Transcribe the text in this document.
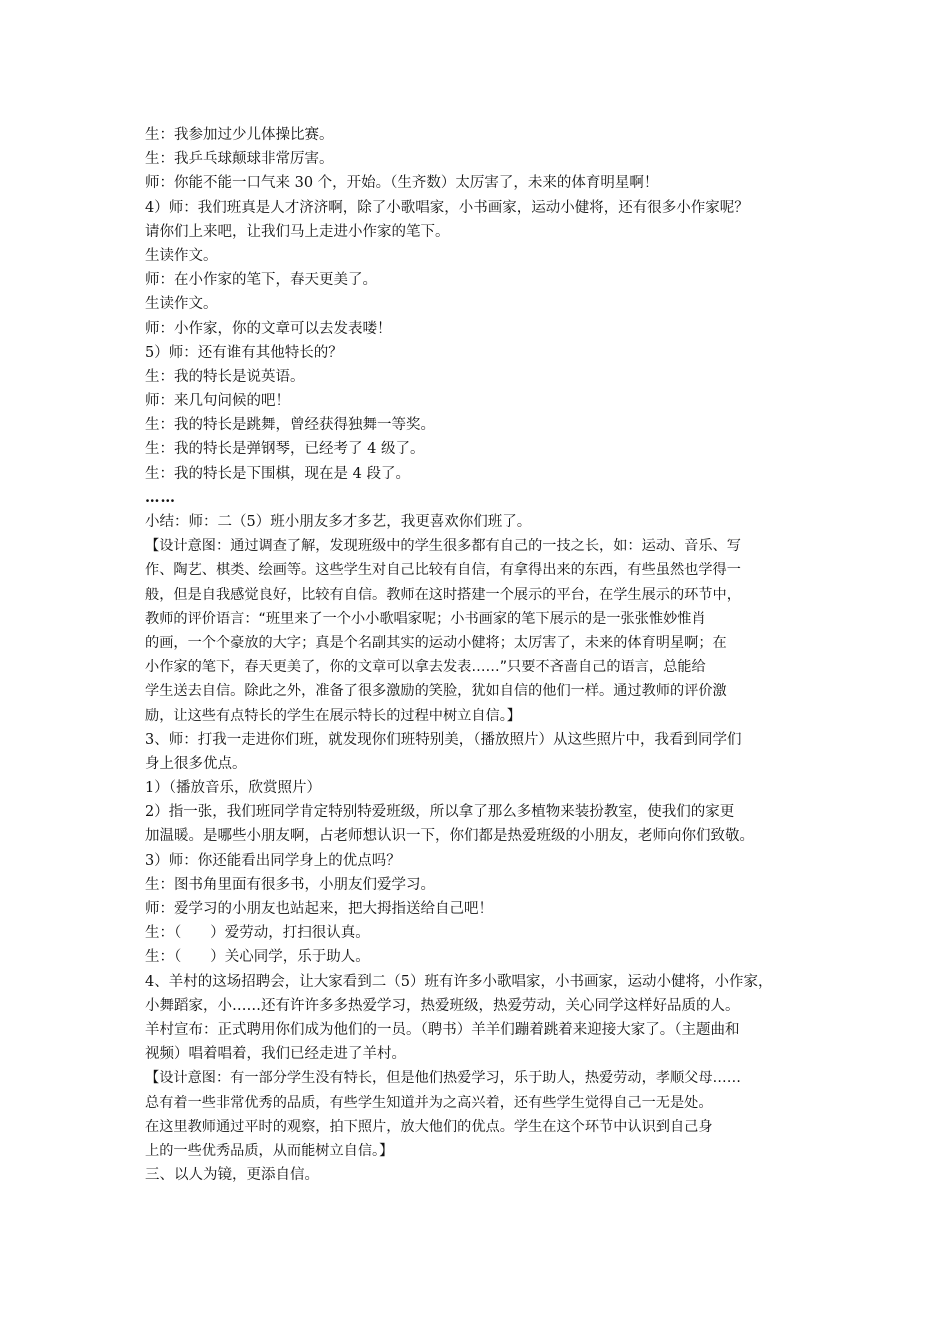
生：我参加过少儿体操比赛。
生：我乒乓球颠球非常厉害。
师：你能不能一口气来 30 个，开始。（生齐数）太厉害了，未来的体育明星啊！
4）师：我们班真是人才济济啊，除了小歌唱家，小书画家，运动小健将，还有很多小作家呢？
请你们上来吧，让我们马上走进小作家的笔下。
生读作文。
师：在小作家的笔下，春天更美了。
生读作文。
师：小作家，你的文章可以去发表喽！
5）师：还有谁有其他特长的？
生：我的特长是说英语。
师：来几句问候的吧！
生：我的特长是跳舞，曾经获得独舞一等奖。
生：我的特长是弹钢琴，已经考了 4 级了。
生：我的特长是下围棋，现在是 4 段了。
……
小结：师：二（5）班小朋友多才多艺，我更喜欢你们班了。
【设计意图：通过调查了解，发现班级中的学生很多都有自己的一技之长，如：运动、音乐、写
作、陶艺、棋类、绘画等。这些学生对自己比较有自信，有拿得出来的东西，有些虽然也学得一
般，但是自我感觉良好，比较有自信。教师在这时搭建一个展示的平台，在学生展示的环节中，
教师的评价语言：“班里来了一个小小歌唱家呢；小书画家的笔下展示的是一张张惟妙惟肖
的画，一个个豪放的大字；真是个名副其实的运动小健将；太厉害了，未来的体育明星啊；在
小作家的笔下，春天更美了，你的文章可以拿去发表……”只要不吝啬自己的语言，总能给
学生送去自信。除此之外，准备了很多激励的笑脸，犹如自信的他们一样。通过教师的评价激
励，让这些有点特长的学生在展示特长的过程中树立自信。】
3、师：打我一走进你们班，就发现你们班特别美，（播放照片）从这些照片中，我看到同学们
身上很多优点。
1）（播放音乐，欣赏照片）
2）指一张，我们班同学肯定特别特爱班级，所以拿了那么多植物来装扮教室，使我们的家更
加温暖。是哪些小朋友啊，占老师想认识一下，你们都是热爱班级的小朋友，老师向你们致敬。
3）师：你还能看出同学身上的优点吗？
生：图书角里面有很多书，小朋友们爱学习。
师：爱学习的小朋友也站起来，把大拇指送给自己吧！
生：（　　）爱劳动，打扫很认真。
生：（　　）关心同学，乐于助人。
4、羊村的这场招聘会，让大家看到二（5）班有许多小歌唱家，小书画家，运动小健将，小作家，
小舞蹈家，小……还有许许多多热爱学习，热爱班级，热爱劳动，关心同学这样好品质的人。
羊村宣布：正式聘用你们成为他们的一员。（聘书）羊羊们蹦着跳着来迎接大家了。（主题曲和
视频）唱着唱着，我们已经走进了羊村。
【设计意图：有一部分学生没有特长，但是他们热爱学习，乐于助人，热爱劳动，孝顺父母……
总有着一些非常优秀的品质，有些学生知道并为之高兴着，还有些学生觉得自己一无是处。
在这里教师通过平时的观察，拍下照片，放大他们的优点。学生在这个环节中认识到自己身
上的一些优秀品质，从而能树立自信。】
三、以人为镜，更添自信。
